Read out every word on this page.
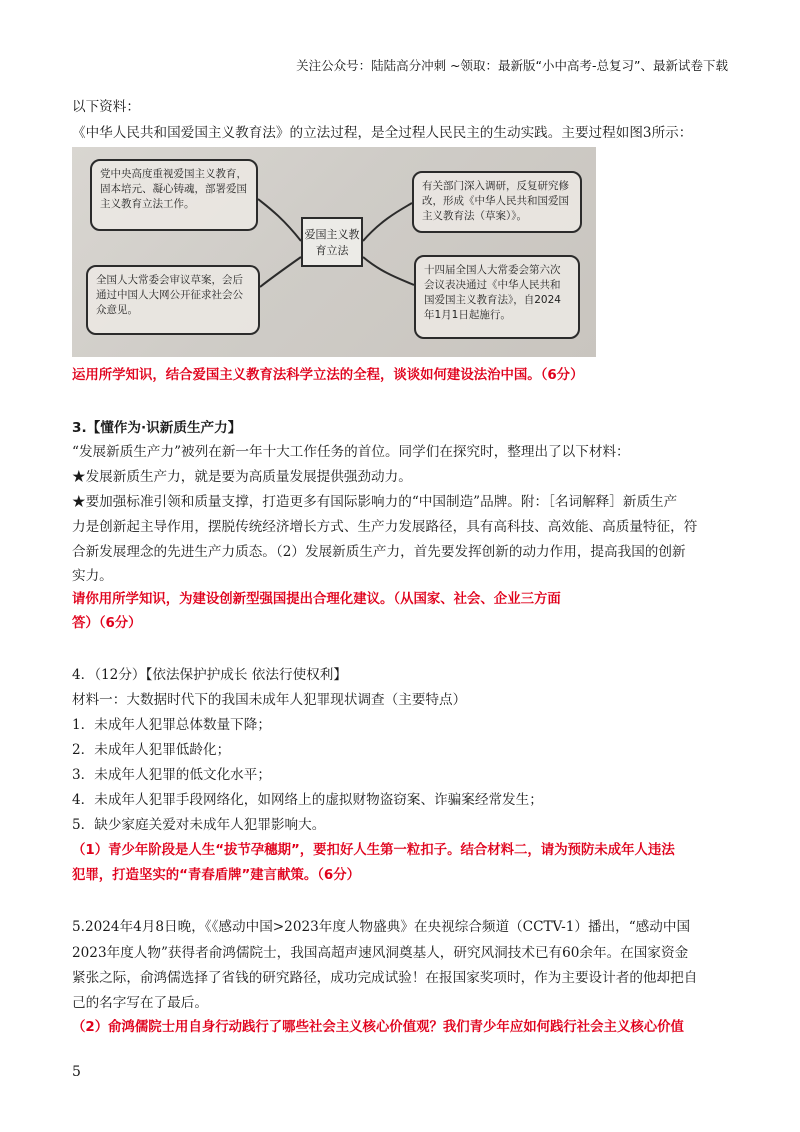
关注公众号：陆陆高分冲刺 ~领取：最新版“小中高考-总复习”、最新试卷下载
以下资料：
《中华人民共和国爱国主义教育法》的立法过程，是全过程人民民主的生动实践。主要过程如图3所示：
党中央高度重视爱国主义教育，固本培元、凝心铸魂，部署爱国主义教育立法工作。
有关部门深入调研，反复研究修改，形成《中华人民共和国爱国主义教育法（草案）》。
爱国主义教育立法
全国人大常委会审议草案，会后通过中国人大网公开征求社会公众意见。
十四届全国人大常委会第六次会议表决通过《中华人民共和国爱国主义教育法》，自2024年1月1日起施行。
运用所学知识，结合爱国主义教育法科学立法的全程，谈谈如何建设法治中国。（6分）
3.【懂作为·识新质生产力】
“发展新质生产力”被列在新一年十大工作任务的首位。同学们在探究时，整理出了以下材料：
★发展新质生产力，就是要为高质量发展提供强劲动力。
★要加强标准引领和质量支撑，打造更多有国际影响力的“中国制造”品牌。附：［名词解释］新质生产
力是创新起主导作用，摆脱传统经济增长方式、生产力发展路径，具有高科技、高效能、高质量特征，符
合新发展理念的先进生产力质态。（2）发展新质生产力，首先要发挥创新的动力作用，提高我国的创新
实力。
请你用所学知识，为建设创新型强国提出合理化建议。（从国家、社会、企业三方面
答）（6分）
4．（12分）【依法保护护成长 依法行使权利】
材料一：大数据时代下的我国未成年人犯罪现状调查（主要特点）
1．未成年人犯罪总体数量下降；
2．未成年人犯罪低龄化；
3．未成年人犯罪的低文化水平；
4．未成年人犯罪手段网络化，如网络上的虚拟财物盗窃案、诈骗案经常发生；
5．缺少家庭关爱对未成年人犯罪影响大。
（1）青少年阶段是人生“拔节孕穗期”，要扣好人生第一粒扣子。结合材料二，请为预防未成年人违法
犯罪，打造坚实的“青春盾牌”建言献策。（6分）
5.2024年4月8日晚，《《感动中国>2023年度人物盛典》在央视综合频道（CCTV-1）播出，“感动中国
2023年度人物”获得者俞鸿儒院士，我国高超声速风洞奠基人，研究风洞技术已有60余年。在国家资金
紧张之际，俞鸿儒选择了省钱的研究路径，成功完成试验！在报国家奖项时，作为主要设计者的他却把自
己的名字写在了最后。
（2）俞鸿儒院士用自身行动践行了哪些社会主义核心价值观？我们青少年应如何践行社会主义核心价值
5
